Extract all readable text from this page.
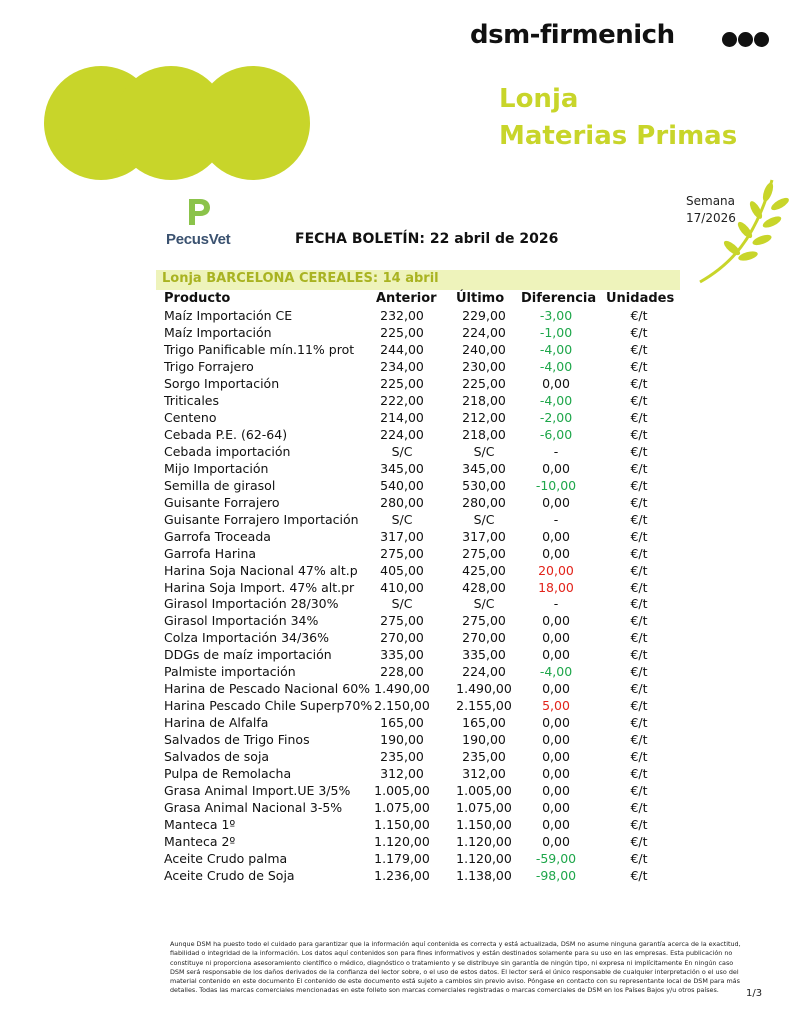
dsm-firmenich
Lonja
Materias Primas
Semana
17/2026
PecusVet	FECHA BOLETÍN: 22 abril de 2026
Lonja BARCELONA CEREALES: 14 abril
Producto	Anterior Último Diferencia Unidades
Maíz Importación CE	232,00	229,00	-3,00	€/t
Maíz Importación	225,00	224,00	-1,00	€/t
Trigo Panificable mín.11% prot	244,00	240,00	-4,00	€/t
Trigo Forrajero	234,00	230,00	-4,00	€/t
Sorgo Importación	225,00	225,00	0,00	€/t
Triticales	222,00	218,00	-4,00	€/t
Centeno	214,00	212,00	-2,00	€/t
Cebada P.E. (62-64)	224,00	218,00	-6,00	€/t
Cebada importación	S/C	S/C	-	€/t
Mijo Importación	345,00	345,00	0,00	€/t
Semilla de girasol	540,00	530,00	-10,00	€/t
Guisante Forrajero	280,00	280,00	0,00	€/t
Guisante Forrajero Importación	S/C	S/C	-	€/t
Garrofa Troceada	317,00	317,00	0,00	€/t
Garrofa Harina	275,00	275,00	0,00	€/t
Harina Soja Nacional 47% alt.p	405,00	425,00	20,00	€/t
Harina Soja Import. 47% alt.pr	410,00	428,00	18,00	€/t
Girasol Importación 28/30%	S/C	S/C	-	€/t
Girasol Importación 34%	275,00	275,00	0,00	€/t
Colza Importación 34/36%	270,00	270,00	0,00	€/t
DDGs de maíz importación	335,00	335,00	0,00	€/t
Palmiste importación	228,00	224,00	-4,00	€/t
Harina de Pescado Nacional 60% 1.490,00	1.490,00	0,00	€/t
Harina Pescado Chile Superp70% 2.150,00	2.155,00	5,00	€/t
Harina de Alfalfa	165,00	165,00	0,00	€/t
Salvados de Trigo Finos	190,00	190,00	0,00	€/t
Salvados de soja	235,00	235,00	0,00	€/t
Pulpa de Remolacha	312,00	312,00	0,00	€/t
Grasa Animal Import.UE 3/5%	1.005,00	1.005,00	0,00	€/t
Grasa Animal Nacional 3-5%	1.075,00	1.075,00	0,00	€/t
Manteca 1º	1.150,00	1.150,00	0,00	€/t
Manteca 2º	1.120,00	1.120,00	0,00	€/t
Aceite Crudo palma	1.179,00	1.120,00	-59,00	€/t
Aceite Crudo de Soja	1.236,00	1.138,00	-98,00	€/t
Aunque DSM ha puesto todo el cuidado para garantizar que la información aquí contenida es correcta y está actualizada, DSM no asume ninguna garantía acerca de la exactitud, fiabilidad o integridad de la información. Los datos aquí contenidos son para fines informativos y están destinados solamente para su uso en las empresas. Esta publicación no constituye ni proporciona asesoramiento científico o médico, diagnóstico o tratamiento y se distribuye sin garantía de ningún tipo, ni expresa ni implícitamente En ningún caso DSM será responsable de los daños derivados de la confianza del lector sobre, o el uso de estos datos. El lector será el único responsable de cualquier interpretación o el uso del material contenido en este documento El contenido de este documento está sujeto a cambios sin previo aviso. Póngase en contacto con su representante local de DSM para más detalles. Todas las marcas comerciales mencionadas en este folleto son marcas comerciales registradas o marcas comerciales de DSM en los Países Bajos y/u otros países.	1/3
